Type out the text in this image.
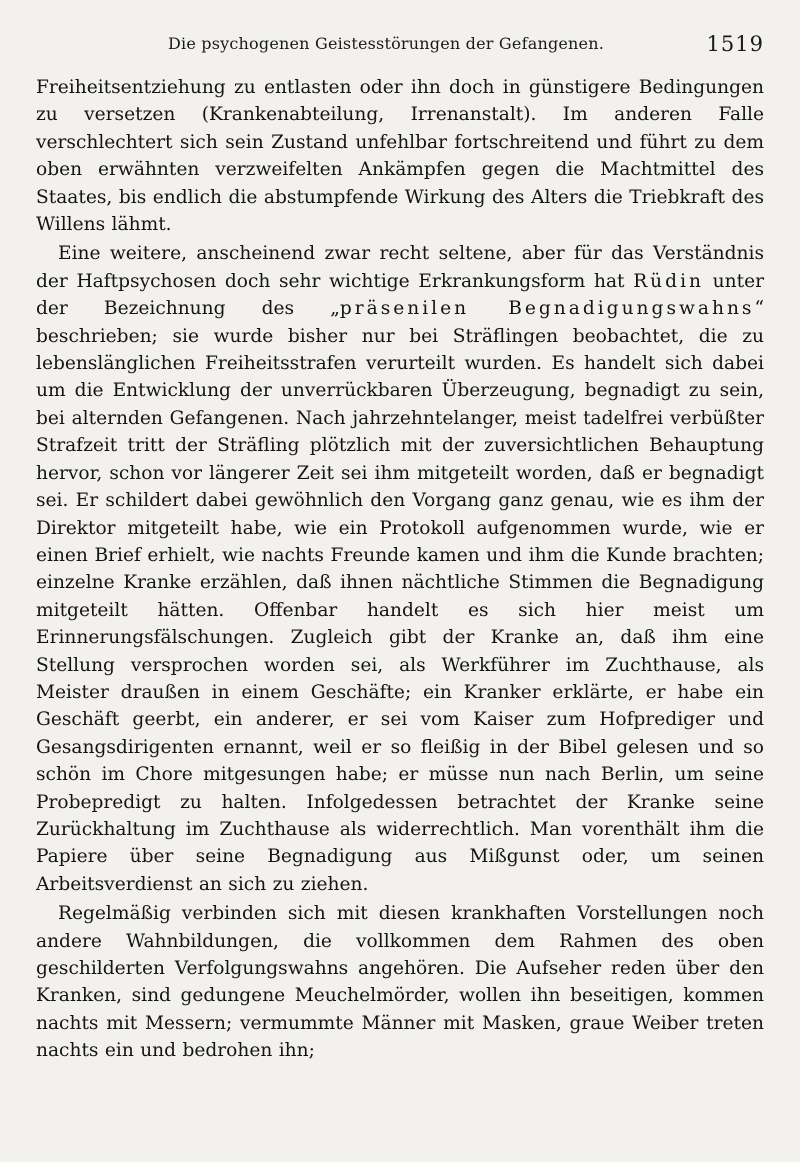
Die psychogenen Geistesstörungen der Gefangenen.	1519

Freiheitsentziehung zu entlasten oder ihn doch in günstigere Bedingungen zu versetzen (Krankenabteilung, Irrenanstalt). Im anderen Falle verschlechtert sich sein Zustand unfehlbar fortschreitend und führt zu dem oben erwähnten verzweifelten Ankämpfen gegen die Machtmittel des Staates, bis endlich die abstumpfende Wirkung des Alters die Triebkraft des Willens lähmt.

Eine weitere, anscheinend zwar recht seltene, aber für das Verständnis der Haftpsychosen doch sehr wichtige Erkrankungsform hat Rüdin unter der Bezeichnung des „präsenilen Begnadigungswahns“ beschrieben; sie wurde bisher nur bei Sträflingen beobachtet, die zu lebenslänglichen Freiheitsstrafen verurteilt wurden. Es handelt sich dabei um die Entwicklung der unverrückbaren Überzeugung, begnadigt zu sein, bei alternden Gefangenen. Nach jahrzehntelanger, meist tadelfrei verbüßter Strafzeit tritt der Sträfling plötzlich mit der zuversichtlichen Behauptung hervor, schon vor längerer Zeit sei ihm mitgeteilt worden, daß er begnadigt sei. Er schildert dabei gewöhnlich den Vorgang ganz genau, wie es ihm der Direktor mitgeteilt habe, wie ein Protokoll aufgenommen wurde, wie er einen Brief erhielt, wie nachts Freunde kamen und ihm die Kunde brachten; einzelne Kranke erzählen, daß ihnen nächtliche Stimmen die Begnadigung mitgeteilt hätten. Offenbar handelt es sich hier meist um Erinnerungsfälschungen. Zugleich gibt der Kranke an, daß ihm eine Stellung versprochen worden sei, als Werkführer im Zuchthause, als Meister draußen in einem Geschäfte; ein Kranker erklärte, er habe ein Geschäft geerbt, ein anderer, er sei vom Kaiser zum Hofprediger und Gesangsdirigenten ernannt, weil er so fleißig in der Bibel gelesen und so schön im Chore mitgesungen habe; er müsse nun nach Berlin, um seine Probepredigt zu halten. Infolgedessen betrachtet der Kranke seine Zurückhaltung im Zuchthause als widerrechtlich. Man vorenthält ihm die Papiere über seine Begnadigung aus Mißgunst oder, um seinen Arbeitsverdienst an sich zu ziehen.

Regelmäßig verbinden sich mit diesen krankhaften Vorstellungen noch andere Wahnbildungen, die vollkommen dem Rahmen des oben geschilderten Verfolgungswahns angehören. Die Aufseher reden über den Kranken, sind gedungene Meuchelmörder, wollen ihn beseitigen, kommen nachts mit Messern; vermummte Männer mit Masken, graue Weiber treten nachts ein und bedrohen ihn;
